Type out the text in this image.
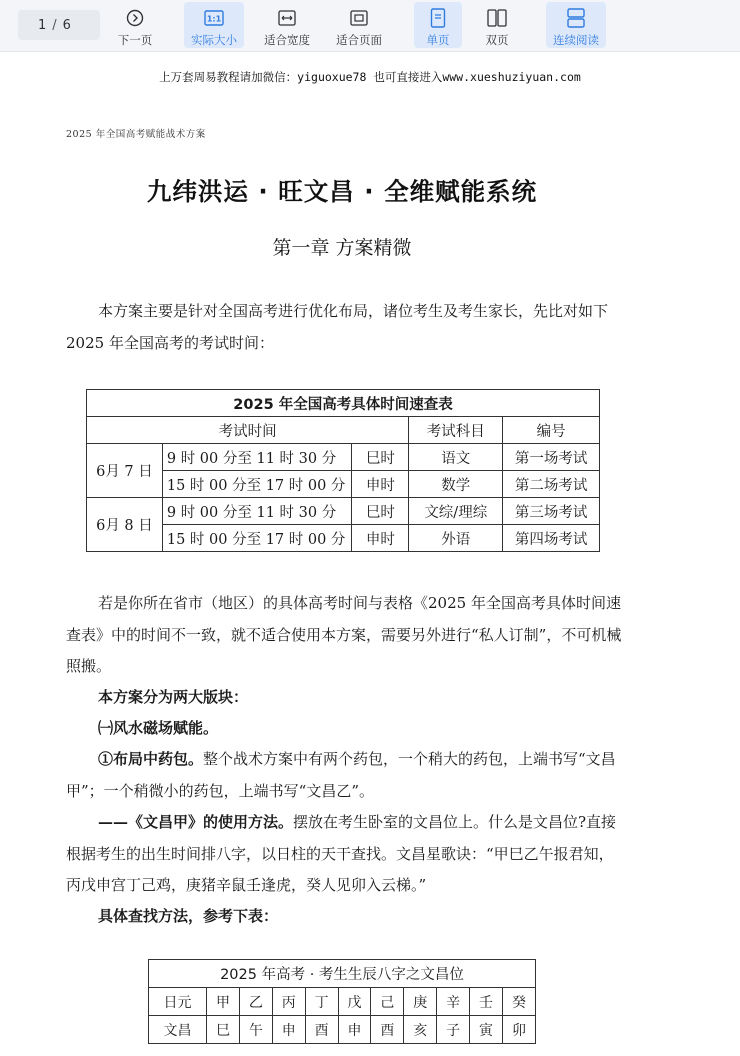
1 / 6
下一页
1:1
实际大小 适合宽度 适合页面	单页	双页	连续阅读
上万套周易教程请加微信：yiguoxue78 也可直接进入www.xueshuziyuan.com
2025 年全国高考赋能战术方案
九纬洪运 · 旺文昌 · 全维赋能系统
第一章 方案精微
本方案主要是针对全国高考进行优化布局，诸位考生及考生家长，先比对如下 2025 年全国高考的考试时间：
2025 年全国高考具体时间速查表				
考试时间			考试科目	编号
6月 7 日	9 时 00 分至 11 时 30 分	巳时	语文	第一场考试
	15 时 00 分至 17 时 00 分	申时	数学	第二场考试
6月 8 日	9 时 00 分至 11 时 30 分	巳时	文综/理综	第三场考试
	15 时 00 分至 17 时 00 分	申时	外语	第四场考试
若是你所在省市（地区）的具体高考时间与表格《2025 年全国高考具体时间速查表》中的时间不一致，就不适合使用本方案，需要另外进行“私人订制”，不可机械照搬。
本方案分为两大版块：
㈠风水磁场赋能。
①布局中药包。整个战术方案中有两个药包，一个稍大的药包，上端书写“文昌甲”；一个稍微小的药包，上端书写“文昌乙”。
——《文昌甲》的使用方法。摆放在考生卧室的文昌位上。什么是文昌位?直接根据考生的出生时间排八字，以日柱的天干查找。文昌星歌诀：“甲巳乙午报君知，丙戊申宫丁己鸡，庚猪辛鼠壬逢虎，癸人见卯入云梯。”
具体查找方法，参考下表：
2025 年高考 · 考生生辰八字之文昌位										
日元	甲	乙	丙	丁	戊	己	庚	辛	壬	癸
文昌	巳	午	申	酉	申	酉	亥	子	寅	卯
